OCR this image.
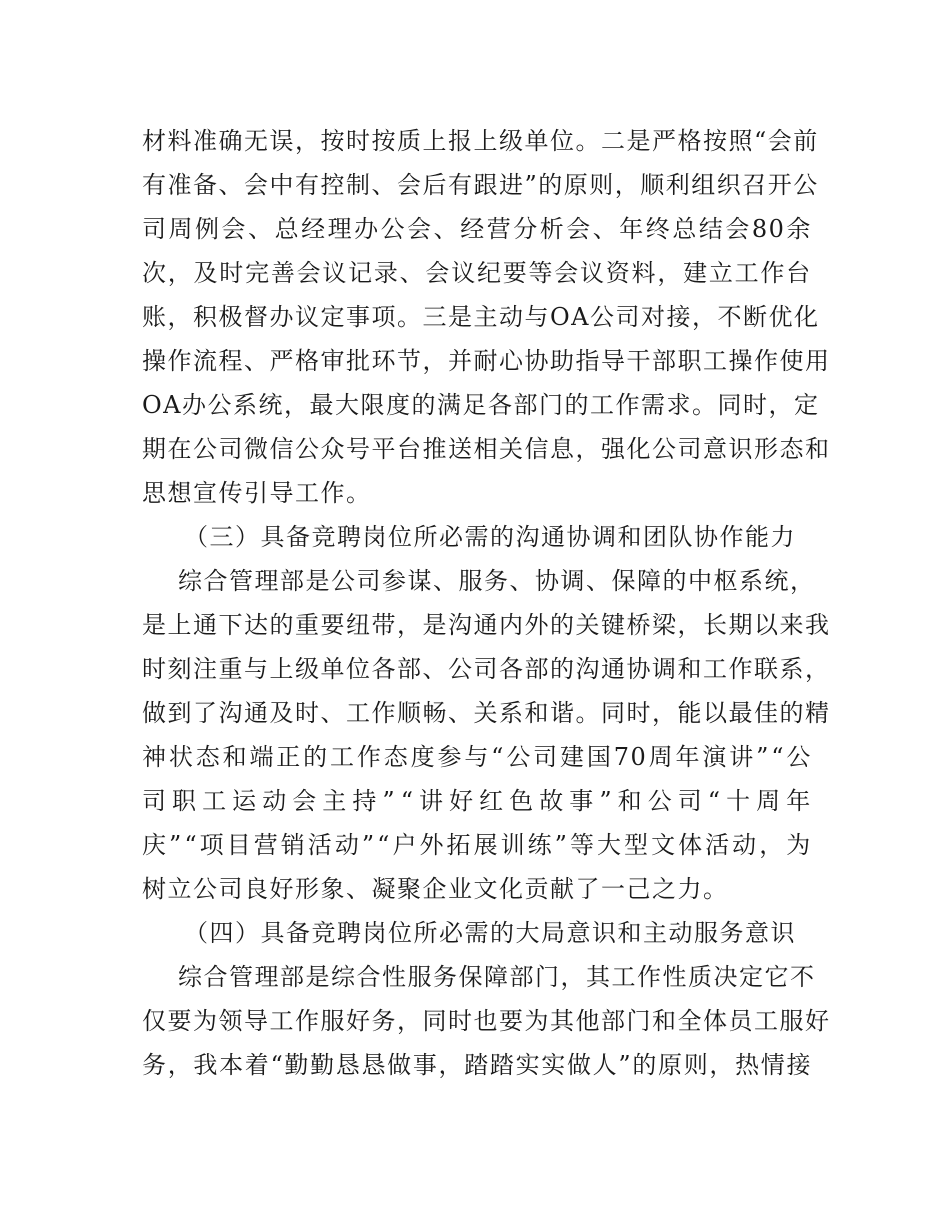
材 料 准 确 无 误 ， 按 时 按 质 上 报 上 级 单 位 。 二 是 严 格 按 照 “ 会 前
有 准 备 、 会 中 有 控 制 、 会 后 有 跟 进 ” 的 原 则 ， 顺 利 组 织 召 开 公
司 周 例 会 、 总 经 理 办 公 会 、 经 营 分 析 会 、 年 终 总 结 会 80 余
次 ， 及 时 完 善 会 议 记 录 、 会 议 纪 要 等 会 议 资 料 ， 建 立 工 作 台
账 ， 积 极 督 办 议 定 事 项 。 三 是 主 动 与 OA 公 司 对 接 ， 不 断 优 化
操 作 流 程 、 严 格 审 批 环 节 ， 并 耐 心 协 助 指 导 干 部 职 工 操 作 使 用
OA 办 公 系 统 ， 最 大 限 度 的 满 足 各 部 门 的 工 作 需 求 。 同 时 ， 定
期 在 公 司 微 信 公 众 号 平 台 推 送 相 关 信 息 ， 强 化 公 司 意 识 形 态 和
思想宣传引导工作。
（三）具备竞聘岗位所必需的沟通协调和团队协作能力
综 合 管 理 部 是 公 司 参 谋 、 服 务 、 协 调 、 保 障 的 中 枢 系 统 ，
是 上 通 下 达 的 重 要 纽 带 ， 是 沟 通 内 外 的 关 键 桥 梁 ， 长 期 以 来 我
时 刻 注 重 与 上 级 单 位 各 部 、 公 司 各 部 的 沟 通 协 调 和 工 作 联 系 ，
做 到 了 沟 通 及 时 、 工 作 顺 畅 、 关 系 和 谐 。 同 时 ， 能 以 最 佳 的 精
神 状 态 和 端 正 的 工 作 态 度 参 与 “ 公 司 建 国 70 周 年 演 讲 ” “ 公
司 职 工 运 动 会 主 持 ” “ 讲 好 红 色 故 事 ” 和 公 司 “ 十 周 年
庆 ” “ 项 目 营 销 活 动 ” “ 户 外 拓 展 训 练 ” 等 大 型 文 体 活 动 ， 为
树立公司良好形象、凝聚企业文化贡献了一己之力。
（四）具备竞聘岗位所必需的大局意识和主动服务意识
综 合 管 理 部 是 综 合 性 服 务 保 障 部 门 ， 其 工 作 性 质 决 定 它 不
仅 要 为 领 导 工 作 服 好 务 ， 同 时 也 要 为 其 他 部 门 和 全 体 员 工 服 好
务 ， 我 本 着 “ 勤 勤 恳 恳 做 事 ， 踏 踏 实 实 做 人 ” 的 原 则 ， 热 情 接
